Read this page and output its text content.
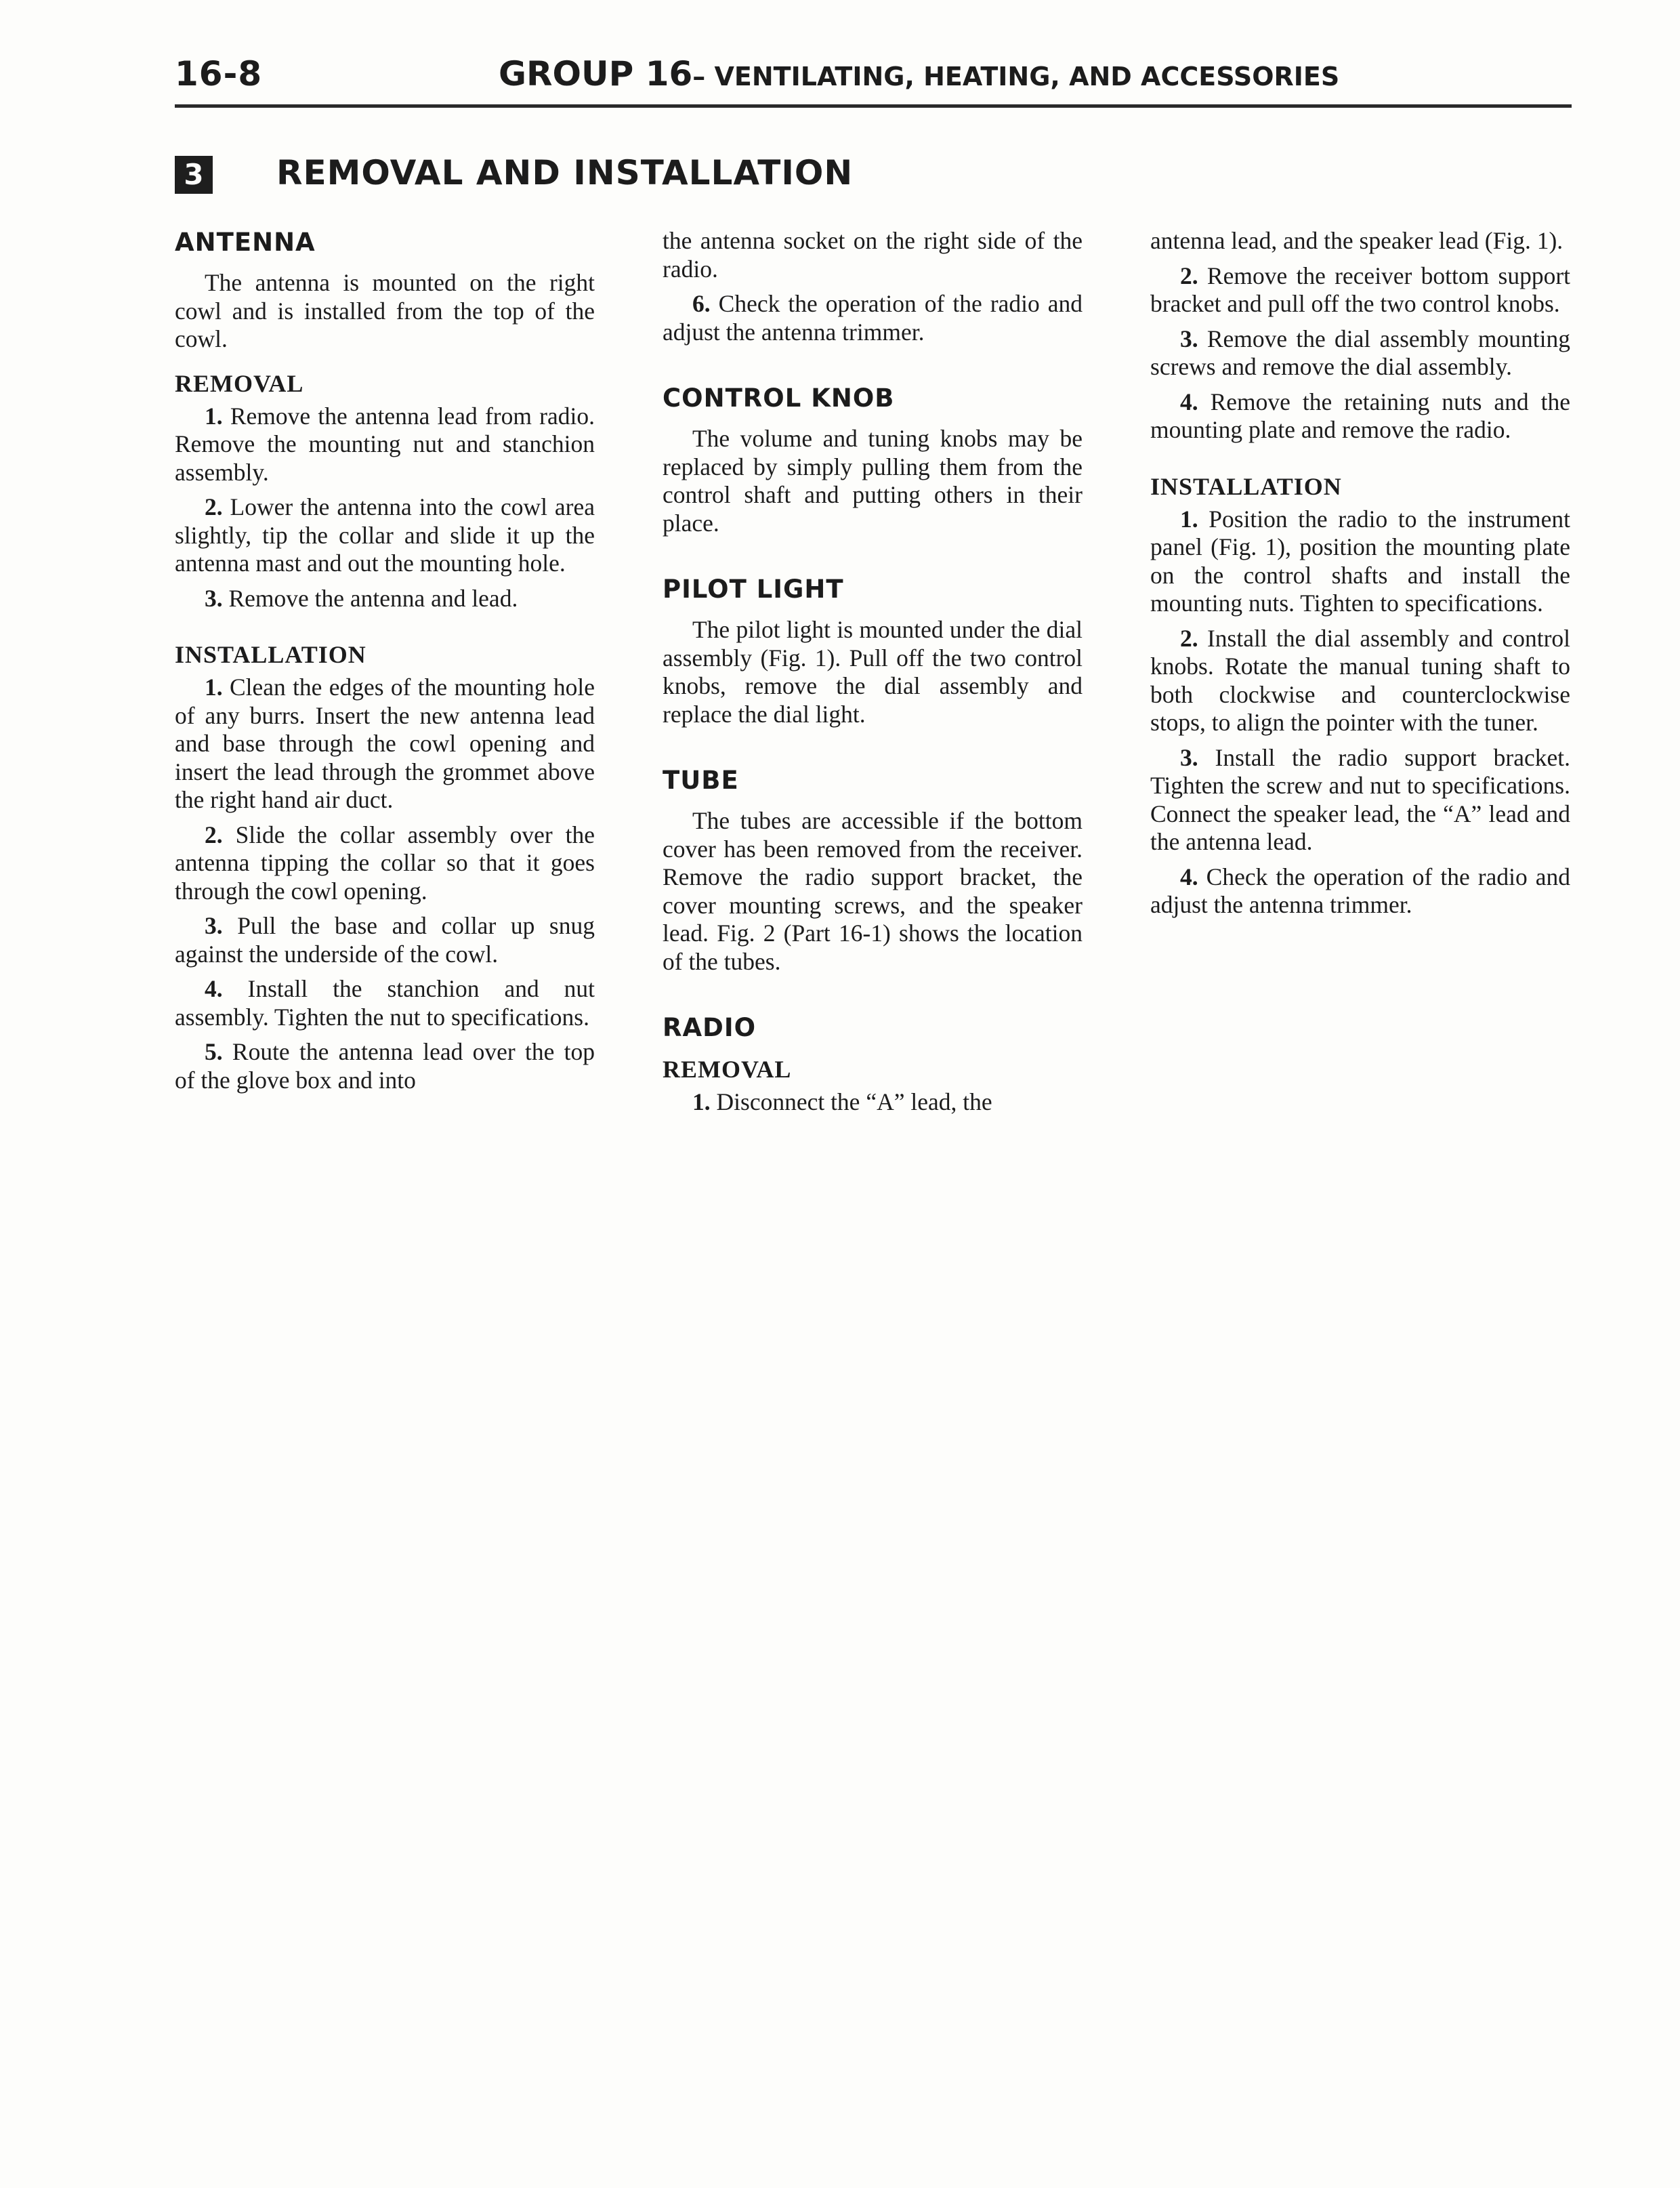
16-8	GROUP 16– VENTILATING, HEATING, AND ACCESSORIES
3 REMOVAL AND INSTALLATION
ANTENNA

The antenna is mounted on the right cowl and is installed from the top of the cowl.

REMOVAL

1. Remove the antenna lead from radio. Remove the mounting nut and stanchion assembly.

2. Lower the antenna into the cowl area slightly, tip the collar and slide it up the antenna mast and out the mounting hole.

3. Remove the antenna and lead.

INSTALLATION

1. Clean the edges of the mounting hole of any burrs. Insert the new antenna lead and base through the cowl opening and insert the lead through the grommet above the right hand air duct.

2. Slide the collar assembly over the antenna tipping the collar so that it goes through the cowl opening.

3. Pull the base and collar up snug against the underside of the cowl.

4. Install the stanchion and nut assembly. Tighten the nut to specifications.

5. Route the antenna lead over the top of the glove box and into

the antenna socket on the right side of the radio.

6. Check the operation of the radio and adjust the antenna trimmer.

CONTROL KNOB

The volume and tuning knobs may be replaced by simply pulling them from the control shaft and putting others in their place.

PILOT LIGHT

The pilot light is mounted under the dial assembly (Fig. 1). Pull off the two control knobs, remove the dial assembly and replace the dial light.

TUBE

The tubes are accessible if the bottom cover has been removed from the receiver. Remove the radio support bracket, the cover mounting screws, and the speaker lead. Fig. 2 (Part 16-1) shows the location of the tubes.

RADIO
REMOVAL

1. Disconnect the “A” lead, the

antenna lead, and the speaker lead (Fig. 1).

2. Remove the receiver bottom support bracket and pull off the two control knobs.

3. Remove the dial assembly mounting screws and remove the dial assembly.

4. Remove the retaining nuts and the mounting plate and remove the radio.

INSTALLATION

1. Position the radio to the instrument panel (Fig. 1), position the mounting plate on the control shafts and install the mounting nuts. Tighten to specifications.

2. Install the dial assembly and control knobs. Rotate the manual tuning shaft to both clockwise and counterclockwise stops, to align the pointer with the tuner.

3. Install the radio support bracket. Tighten the screw and nut to specifications. Connect the speaker lead, the “A” lead and the antenna lead.

4. Check the operation of the radio and adjust the antenna trimmer.
